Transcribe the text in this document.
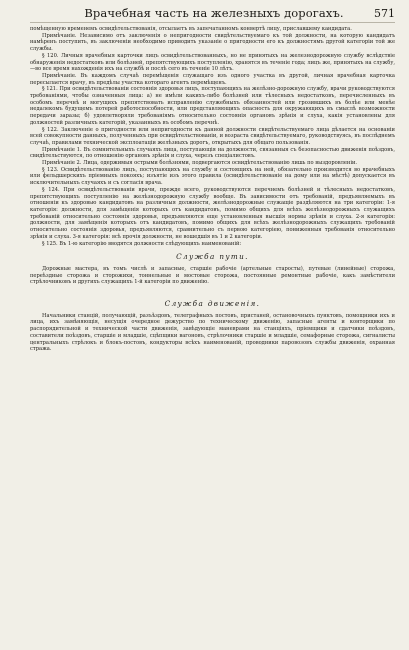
Врачебная часть на железныхъ дорогахъ.	571

помѣщенную временемъ освидѣтельствованія, отсылаетъ въ запечатанномъ конвертѣ лицу, приславшему кандидата.

Примѣчаніе. Независимо отъ заключенія о непригодности свидѣтельствуемаго къ той должности, на которую кандидатъ намѣренъ поступить, въ заключеніи необходимо приводить указаніе о пригодности его къ должностямъ другой категоріи той же службы.

§ 120. Личныя врачебныя карточки лицъ освидѣтельствованныхъ, но не принятыхъ на железнодорожную службу вслѣдствіе обнаруженія недостатковъ или болѣзней, препятствующихъ поступленію, хранятся въ теченіе года; лицъ же, принятыхъ на службу,—во все время нахожденія ихъ на службѣ и послѣ сего въ теченіе 10 лѣтъ.

Примѣчаніе. Въ каждомъ случаѣ перемѣщенія служащаго изъ одного участка въ другой, личная врачебная карточка пересылается врачу, въ предѣлы участка котораго агентъ перемѣщенъ.

§ 121. При освидѣтельствованіи состоянія здоровья лицъ, поступающихъ на желѣзно-дорожную службу, врачи руководствуются требованіями, чтобы означенныя лица: а) не имѣли какихъ-либо болѣзней или тѣлесныхъ недостатковъ, перечисленныхъ въ особомъ перечнѣ и могущихъ препятствовать исправленію служебныхъ обязанностей или грозившихъ въ болѣе или менѣе недалекомъ будущемъ потерей работоспособности, или представляющихъ опасность для окружающихъ въ смыслѣ возможности передачи заразы; б) удовлетворяли требованіямъ относительно состоянія органовъ зрѣнія и слуха, какія установлены для должностей различныхъ категорій, указанныхъ въ особомъ перечнѣ.

§ 122. Заключеніе о пригодности или непригодности къ данной должности свидѣтельствуемаго лица дѣлается на основаніи всей совокупности данныхъ, полученныхъ при освидѣтельствованіи, и возраста свидѣтельствуемаго, руководствуясь, въ послѣднемъ случаѣ, правилами технической эксплоатаціи желѣзныхъ дорогъ, открытыхъ для общаго пользованія.

Примѣчаніе 1. Въ сомнительныхъ случаяхъ лица, поступающія на должности, связанныя съ безопасностью движенія поѣздовъ, свидѣтельствуются, по отношенію органовъ зрѣнія и слуха, черезъ спеціалистовъ.

Примѣчаніе 2. Лица, одержимыя острыми болѣзнями, подвергаются освидѣтельствованію лишь по выздоровленіи.

§ 123. Освидѣтельствованію лицъ, поступающихъ на службу и состоящихъ на ней, обязательно производится во врачебныхъ или фельдшерскихъ пріемныхъ покояхъ; изъятіе изъ этого правила (освидѣтельствованіе на дому или на мѣстѣ) допускается въ исключительныхъ случаяхъ и съ согласія врача.

§ 124. При освидѣтельствованіи врачи, прежде всего, руководствуются перечнемъ болѣзней и тѣлесныхъ недостатковъ, препятствующихъ поступленію на желѣзнодорожную службу вообще. Въ зависимости отъ требованій, предъявляемыхъ въ отношеніи къ здоровью кандидатовъ на различныя должности, желѣзнодорожные служащіе раздѣляются на три категоріи: 1-я категорія: должности, для замѣщенія которыхъ отъ кандидатовъ, помимо общихъ для всѣхъ желѣзнодорожныхъ служащихъ требованій относительно состоянія здоровья, предъявляются еще установленныя высшія нормы зрѣнія и слуха. 2-я категорія: должности, для замѣщенія которыхъ отъ кандидатовъ, помимо общихъ для всѣхъ желѣзнодорожныхъ служащихъ требованій относительно состоянія здоровья, предъявляются, сравнительно съ первою категоріею, пониженныя требованія относительно зрѣнія и слуха. 3-я категорія: всѣ прочія должности, не вошедшія въ 1 и 2 категоріи.

§ 125. Въ 1-ю категорію вводятся должности слѣдующихъ наименованій:

Служба пути.

Дорожные мастера, въ томъ числѣ и запасные, старшіе рабочіе (артельные старосты), путевые (линейные) сторожа, переѣздные сторожа и сторожихи, тоннельные и мостовые сторожа, постоянные ремонтные рабочіе, какъ замѣстители стрѣлочниковъ и другихъ служащихъ 1-й категоріи по движенію.

Служба движенія.

Начальники станцій, получающій, разъѣздовъ, телеграфныхъ постовъ, пристаней, остановочныхъ пунктовъ, помощники ихъ и лица, ихъ замѣняющія, несущія очередное дежурство по техническому движенію, запасные агенты и конторщики по распорядительной и технической части движенія, завѣдующіе маневрами на станціяхъ, пріемщики и сдатчики поѣздовъ, составители поѣздовъ, старшіе и младшіе, сцѣпщики вагоновъ, стрѣлочники старшіе и младшіе, семафорные сторожа, сигналисты центральныхъ стрѣлокъ и блокъ-постовъ, кондукторы всѣхъ наименованій, проводники паровозовъ службы движенія, охранная стража.
